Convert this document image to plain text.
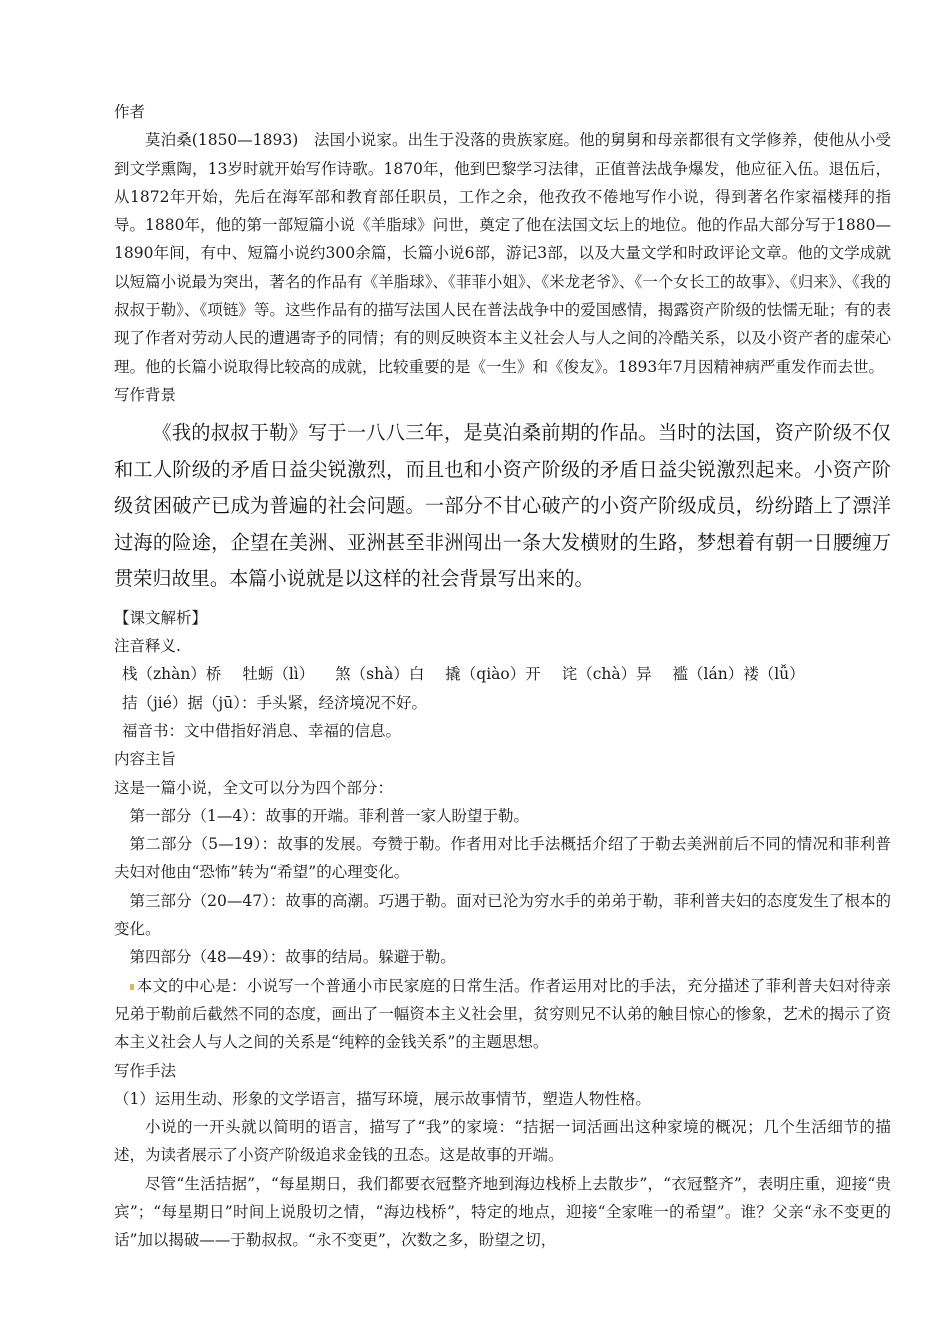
作者

莫泊桑(1850—1893)　法国小说家。出生于没落的贵族家庭。他的舅舅和母亲都很有文学修养，使他从小受到文学熏陶，13岁时就开始写作诗歌。1870年，他到巴黎学习法律，正值普法战争爆发，他应征入伍。退伍后，从1872年开始，先后在海军部和教育部任职员，工作之余，他孜孜不倦地写作小说，得到著名作家福楼拜的指导。1880年，他的第一部短篇小说《羊脂球》问世，奠定了他在法国文坛上的地位。他的作品大部分写于1880—1890年间，有中、短篇小说约300余篇，长篇小说6部，游记3部，以及大量文学和时政评论文章。他的文学成就以短篇小说最为突出，著名的作品有《羊脂球》、《菲菲小姐》、《米龙老爷》、《一个女长工的故事》、《归来》、《我的叔叔于勒》、《项链》等。这些作品有的描写法国人民在普法战争中的爱国感情，揭露资产阶级的怯懦无耻；有的表现了作者对劳动人民的遭遇寄予的同情；有的则反映资本主义社会人与人之间的冷酷关系，以及小资产者的虚荣心理。他的长篇小说取得比较高的成就，比较重要的是《一生》和《俊友》。1893年7月因精神病严重发作而去世。

写作背景

《我的叔叔于勒》写于一八八三年，是莫泊桑前期的作品。当时的法国，资产阶级不仅和工人阶级的矛盾日益尖锐激烈，而且也和小资产阶级的矛盾日益尖锐激烈起来。小资产阶级贫困破产已成为普遍的社会问题。一部分不甘心破产的小资产阶级成员，纷纷踏上了漂洋过海的险途，企望在美洲、亚洲甚至非洲闯出一条大发横财的生路，梦想着有朝一日腰缠万贯荣归故里。本篇小说就是以这样的社会背景写出来的。

【课文解析】

注音释义.

栈（zhàn）桥 牡蛎（lì） 煞（shà）白 撬（qiào）开 诧（chà）异 褴（lán）褛（lǚ）

拮（jié）据（jū）：手头紧，经济境况不好。

福音书：文中借指好消息、幸福的信息。

内容主旨

这是一篇小说，全文可以分为四个部分：

第一部分（1—4）：故事的开端。菲利普一家人盼望于勒。

第二部分（5—19）：故事的发展。夸赞于勒。作者用对比手法概括介绍了于勒去美洲前后不同的情况和菲利普夫妇对他由“恐怖”转为“希望”的心理变化。

第三部分（20—47）：故事的高潮。巧遇于勒。面对已沦为穷水手的弟弟于勒，菲利普夫妇的态度发生了根本的变化。

第四部分（48—49）：故事的结局。躲避于勒。

本文的中心是：小说写一个普通小市民家庭的日常生活。作者运用对比的手法，充分描述了菲利普夫妇对待亲兄弟于勒前后截然不同的态度，画出了一幅资本主义社会里，贫穷则兄不认弟的触目惊心的惨象，艺术的揭示了资本主义社会人与人之间的关系是“纯粹的金钱关系”的主题思想。

写作手法

（1）运用生动、形象的文学语言，描写环境，展示故事情节，塑造人物性格。

小说的一开头就以简明的语言，描写了“我”的家境：“拮据一词活画出这种家境的概况；几个生活细节的描述，为读者展示了小资产阶级追求金钱的丑态。这是故事的开端。

尽管“生活拮据”，“每星期日，我们都要衣冠整齐地到海边栈桥上去散步”，“衣冠整齐”，表明庄重，迎接“贵宾”；“每星期日”时间上说殷切之情，“海边栈桥”，特定的地点，迎接“全家唯一的希望”。谁？父亲“永不变更的话”加以揭破——于勒叔叔。“永不变更”，次数之多，盼望之切，
